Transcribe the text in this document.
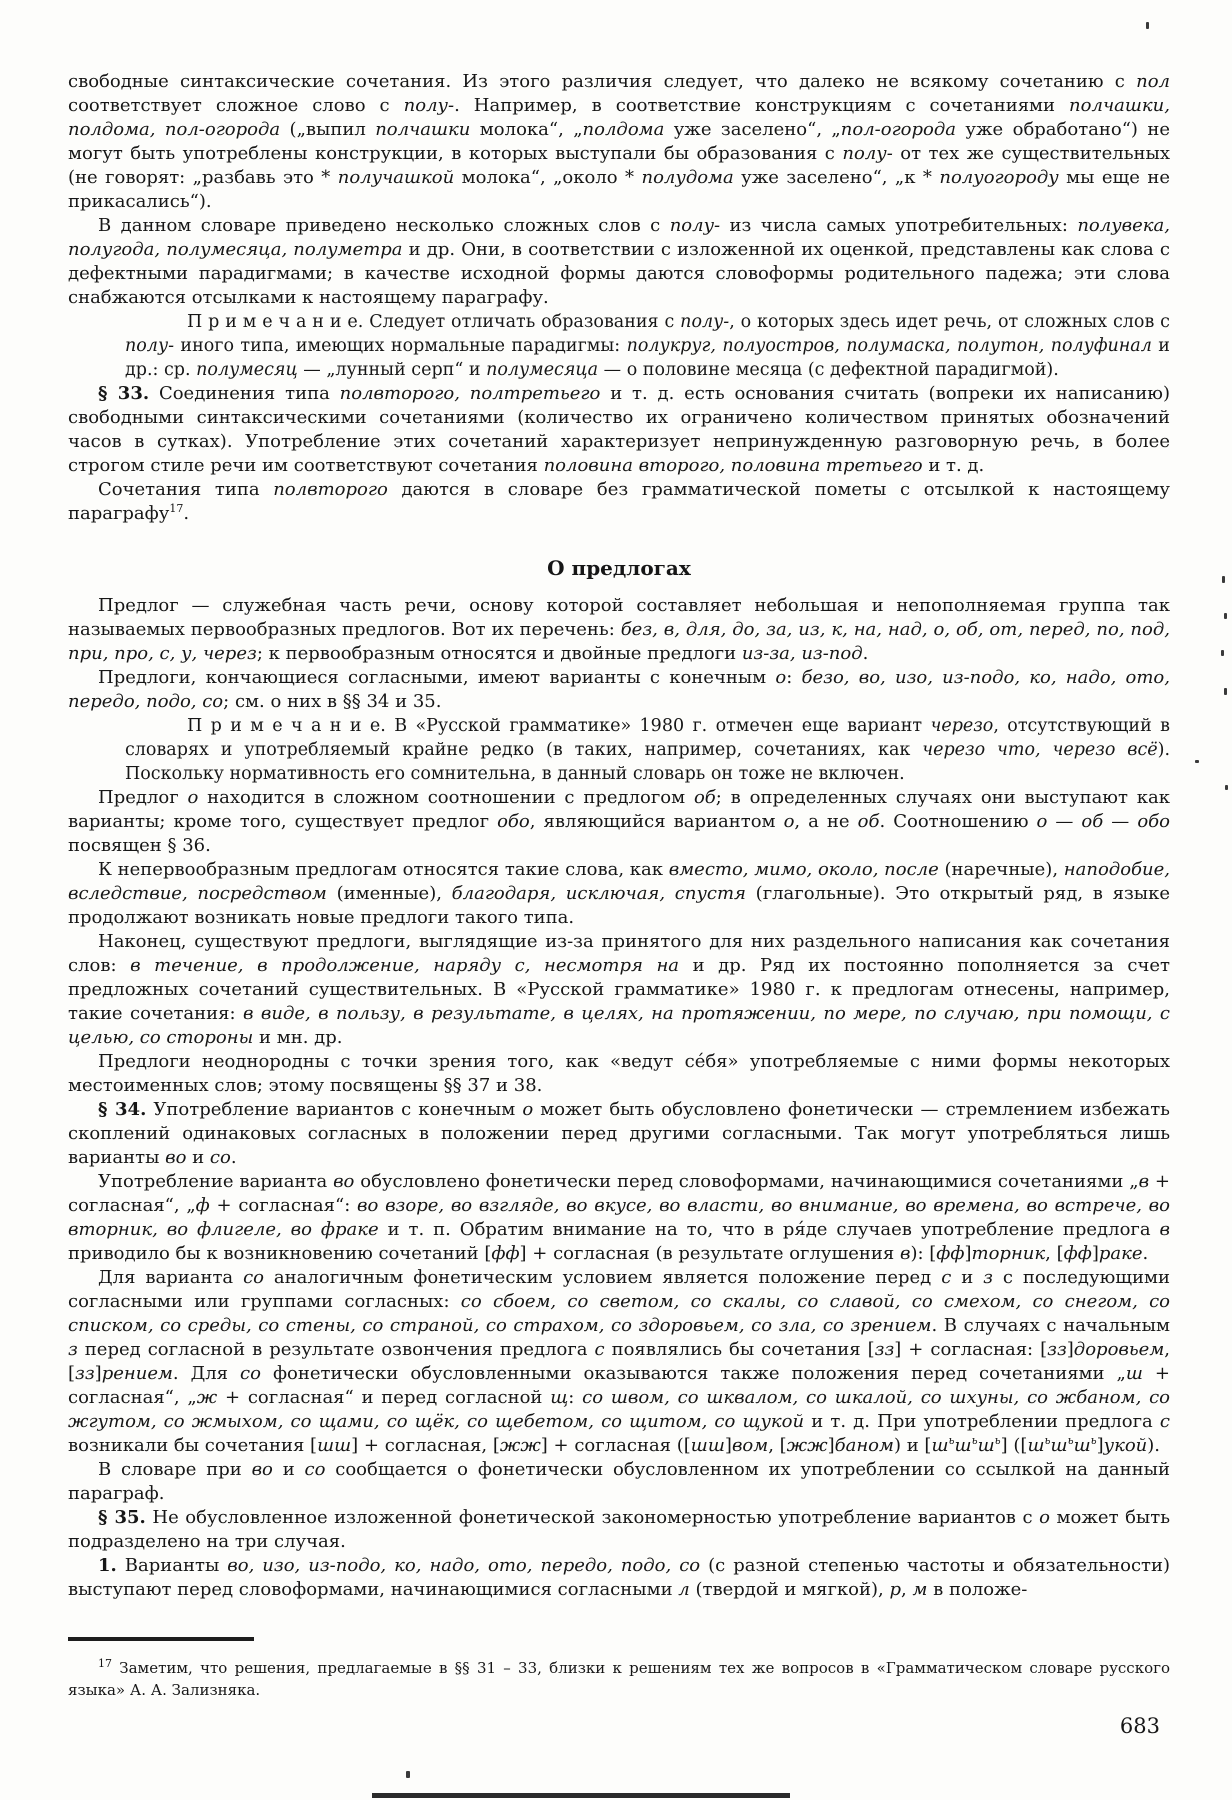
свободные синтаксические сочетания. Из этого различия следует, что далеко не всякому сочетанию с пол соответствует сложное слово с полу-. Например, в соответствие конструкциям с сочетаниями полчашки, полдома, пол-огорода („выпил полчашки молока“, „полдома уже заселено“, „пол-огорода уже обработано“) не могут быть употреблены конструкции, в которых выступали бы образования с полу- от тех же существительных (не говорят: „разбавь это * получашкой молока“, „около * полудома уже заселено“, „к * полуогороду мы еще не прикасались“).

В данном словаре приведено несколько сложных слов с полу- из числа самых употребительных: полувека, полугода, полумесяца, полуметра и др. Они, в соответствии с изложенной их оценкой, представлены как слова с дефектными парадигмами; в качестве исходной формы даются словоформы родительного падежа; эти слова снабжаются отсылками к настоящему параграфу.

П р и м е ч а н и е. Следует отличать образования с полу-, о которых здесь идет речь, от сложных слов с полу- иного типа, имеющих нормальные парадигмы: полукруг, полуостров, полумаска, полутон, полуфинал и др.: ср. полумесяц — „лунный серп“ и полумесяца — о половине месяца (с дефектной парадигмой).

§ 33. Соединения типа полвторого, полтретьего и т. д. есть основания считать (вопреки их написанию) свободными синтаксическими сочетаниями (количество их ограничено количеством принятых обозначений часов в сутках). Употребление этих сочетаний характеризует непринужденную разговорную речь, в более строгом стиле речи им соответствуют сочетания половина второго, половина третьего и т. д.

Сочетания типа полвторого даются в словаре без грамматической пометы с отсылкой к настоящему параграфу$^{17}$.

О предлогах

Предлог — служебная часть речи, основу которой составляет небольшая и непополняемая группа так называемых первообразных предлогов. Вот их перечень: без, в, для, до, за, из, к, на, над, о, об, от, перед, по, под, при, про, с, у, через; к первообразным относятся и двойные предлоги из-за, из-под.

Предлоги, кончающиеся согласными, имеют варианты с конечным о: безо, во, изо, из-подо, ко, надо, ото, передо, подо, со; см. о них в §§ 34 и 35.

П р и м е ч а н и е. В «Русской грамматике» 1980 г. отмечен еще вариант черезо, отсутствующий в словарях и употребляемый крайне редко (в таких, например, сочетаниях, как черезо что, черезо всё). Поскольку нормативность его сомнительна, в данный словарь он тоже не включен.

Предлог о находится в сложном соотношении с предлогом об; в определенных случаях они выступают как варианты; кроме того, существует предлог обо, являющийся вариантом о, а не об. Соотношению о — об — обо посвящен § 36.

К непервообразным предлогам относятся такие слова, как вместо, мимо, около, после (наречные), наподобие, вследствие, посредством (именные), благодаря, исключая, спустя (глагольные). Это открытый ряд, в языке продолжают возникать новые предлоги такого типа.

Наконец, существуют предлоги, выглядящие из-за принятого для них раздельного написания как сочетания слов: в течение, в продолжение, наряду с, несмотря на и др. Ряд их постоянно пополняется за счет предложных сочетаний существительных. В «Русской грамматике» 1980 г. к предлогам отнесены, например, такие сочетания: в виде, в пользу, в результате, в целях, на протяжении, по мере, по случаю, при помощи, с целью, со стороны и мн. др.

Предлоги неоднородны с точки зрения того, как «ведут се́бя» употребляемые с ними формы некоторых местоименных слов; этому посвящены §§ 37 и 38.

§ 34. Употребление вариантов с конечным о может быть обусловлено фонетически — стремлением избежать скоплений одинаковых согласных в положении перед другими согласными. Так могут употребляться лишь варианты во и со.

Употребление варианта во обусловлено фонетически перед словоформами, начинающимися сочетаниями „в + согласная“, „ф + согласная“: во взоре, во взгляде, во вкусе, во власти, во внимание, во времена, во встрече, во вторник, во флигеле, во фраке и т. п. Обратим внимание на то, что в ря́де случаев употребление предлога в приводило бы к возникновению сочетаний [фф] + согласная (в результате оглушения в): [фф]торник, [фф]раке.

Для варианта со аналогичным фонетическим условием является положение перед с и з с последующими согласными или группами согласных: со сбоем, со светом, со скалы, со славой, со смехом, со снегом, со списком, со среды, со стены, со страной, со страхом, со здоровьем, со зла, со зрением. В случаях с начальным з перед согласной в результате озвончения предлога с появлялись бы сочетания [зз] + согласная: [зз]доровьем, [зз]рением. Для со фонетически обусловленными оказываются также положения перед сочетаниями „ш + согласная“, „ж + согласная“ и перед согласной щ: со швом, со шквалом, со шкалой, со шхуны, со жбаном, со жгутом, со жмыхом, со щами, со щёк, со щебетом, со щитом, со щукой и т. д. При употреблении предлога с возникали бы сочетания [шш] + согласная, [жж] + согласная ([шш]вом, [жж]баном) и $[ш^ьш^ьш^ь]$ $([ш^ьш^ьш^ь]укой)$.

В словаре при во и со сообщается о фонетически обусловленном их употреблении со ссылкой на данный параграф.

§ 35. Не обусловленное изложенной фонетической закономерностью употребление вариантов с о может быть подразделено на три случая.

1. Варианты во, изо, из-подо, ко, надо, ото, передо, подо, со (с разной степенью частоты и обязательности) выступают перед словоформами, начинающимися согласными л (твердой и мягкой), р, м в положе-

$^{17}$ Заметим, что решения, предлагаемые в §§ 31 – 33, близки к решениям тех же вопросов в «Грамматическом словаре русского языка» А. А. Зализняка.

683
